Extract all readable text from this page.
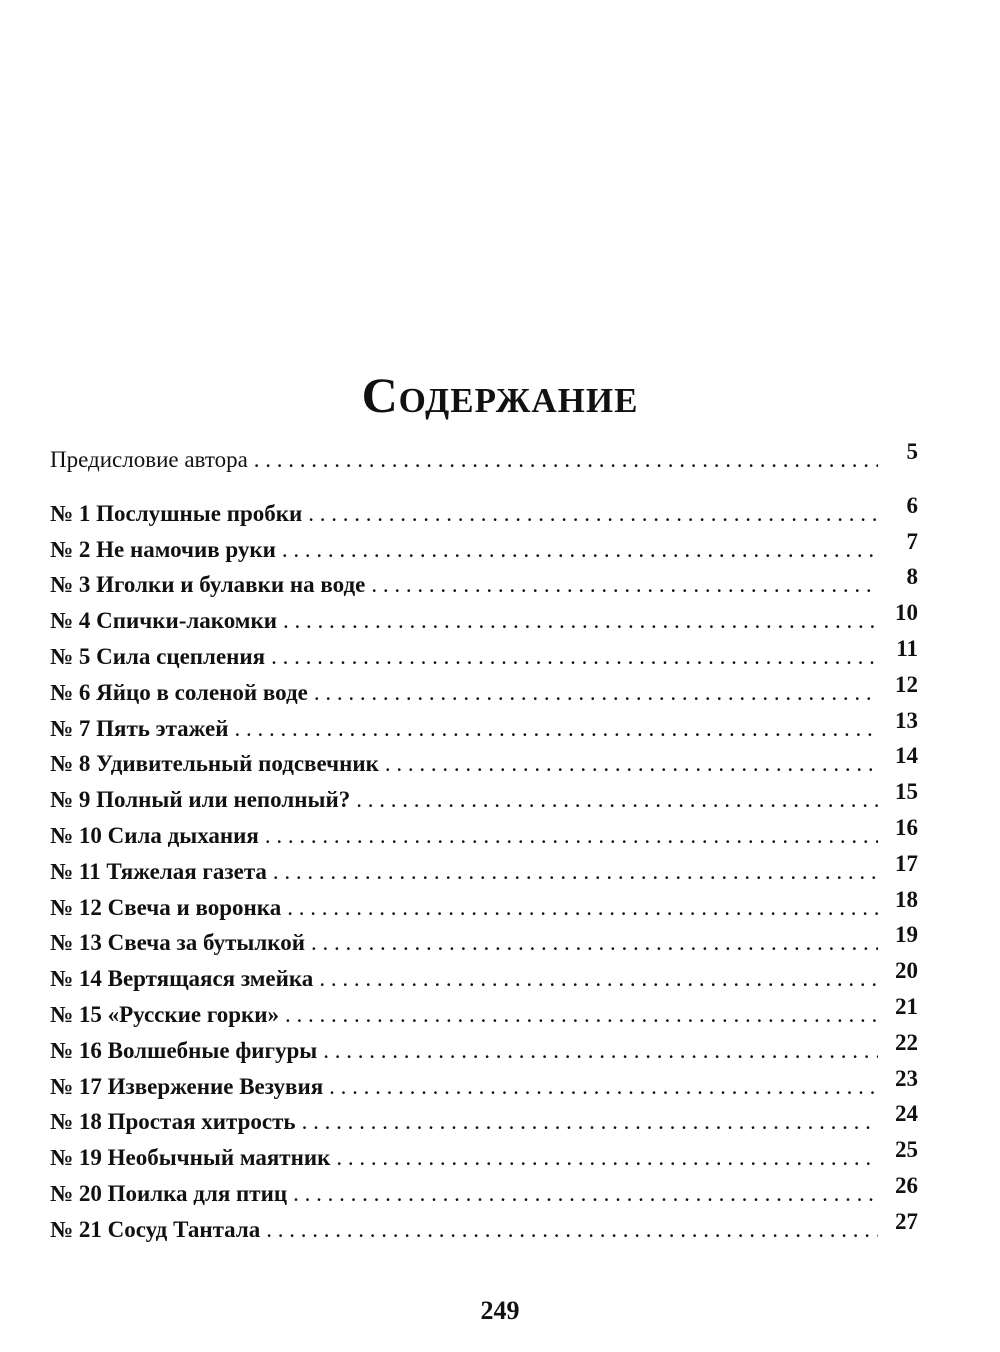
Содержание
Предисловие автора . . .	5
№ 1 Послушные пробки . . .	6
№ 2 Не намочив руки . . .	7
№ 3 Иголки и булавки на воде . . .	8
№ 4 Спички-лакомки . . .	10
№ 5 Сила сцепления . . .	11
№ 6 Яйцо в соленой воде . . .	12
№ 7 Пять этажей . . .	13
№ 8 Удивительный подсвечник . . .	14
№ 9 Полный или неполный? . . .	15
№ 10 Сила дыхания . . .	16
№ 11 Тяжелая газета . . .	17
№ 12 Свеча и воронка . . .	18
№ 13 Свеча за бутылкой . . .	19
№ 14 Вертящаяся змейка . . .	20
№ 15 «Русские горки» . . .	21
№ 16 Волшебные фигуры . . .	22
№ 17 Извержение Везувия . . .	23
№ 18 Простая хитрость . . .	24
№ 19 Необычный маятник . . .	25
№ 20 Поилка для птиц . . .	26
№ 21 Сосуд Тантала . . .	27
249
